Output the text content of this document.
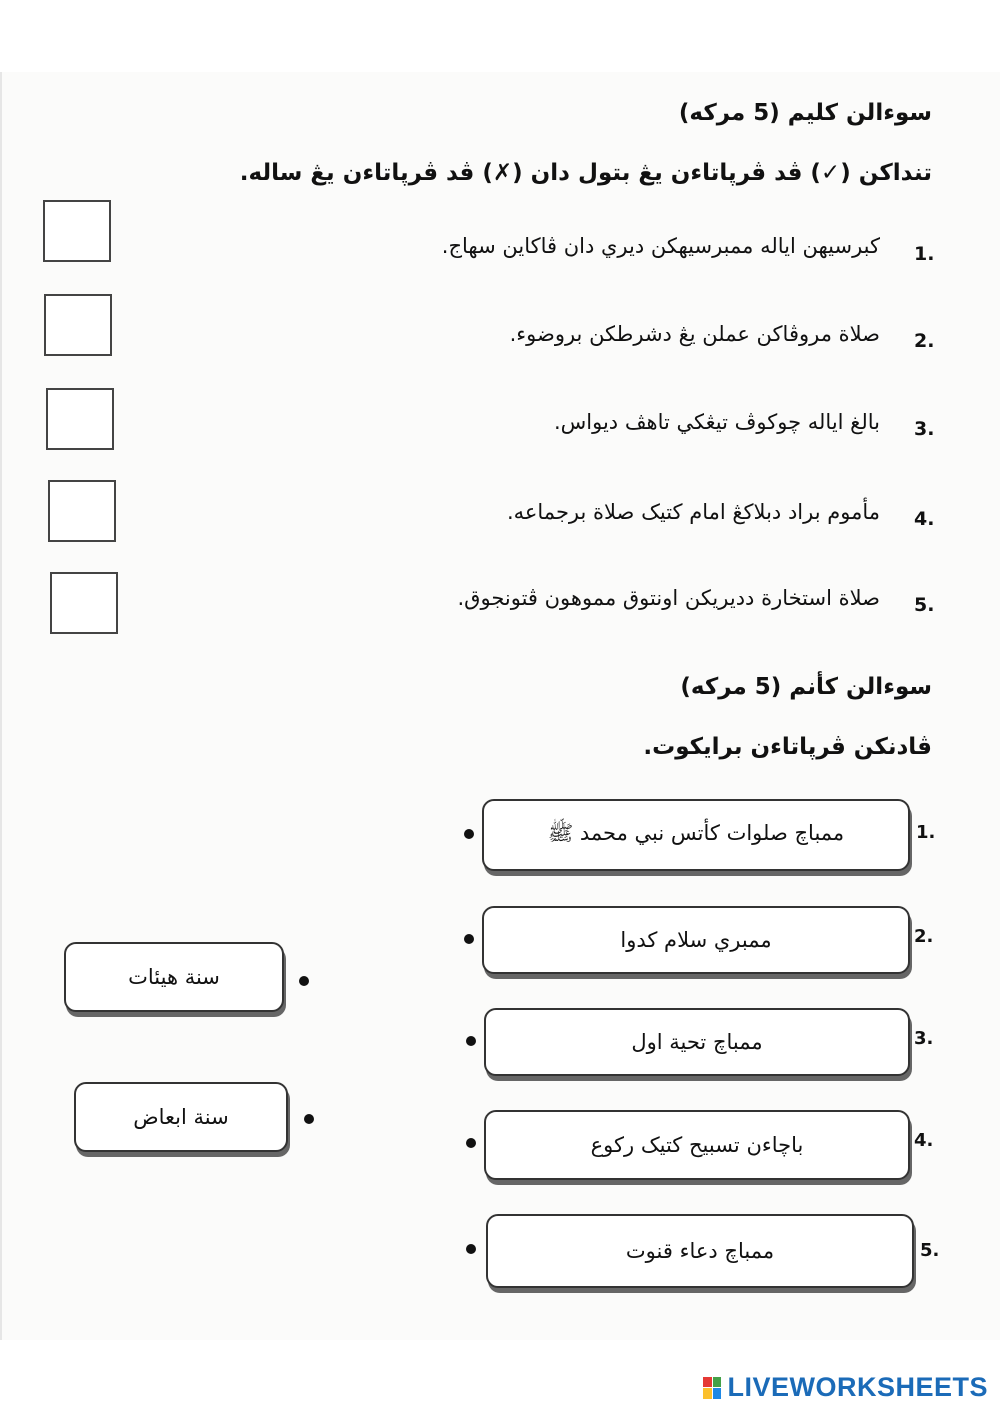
سوءالن كليم (5 مركه)
تنداكن (✓) ڤد ڤرڽاتاءن يڠ بتول دان (✗) ڤد ڤرڽاتاءن يڠ ساله.
1.
كبرسيهن اياله ممبرسيهكن ديري دان ڤاكاين سهاج.
2.
صلاة مروڤاكن عملن يڠ دشرطكن بروضوء.
3.
بالغ اياله چوكوڤ تيڠكي تاهڤ ديواس.
4.
مأموم براد دبلاكڠ امام كتيک صلاة برجماعه.
5.
صلاة استخارة دديريكن اونتوق مموهون ڤتونجوق.
سوءالن كأنم (5 مركه)
ڤادنكن ڤرڽاتاءن برايكوت.
1.
ممباچ صلوات كأتس نبي محمد ﷺ
2.
ممبري سلام كدوا
3.
ممباچ تحية اول
4.
باچاءن تسبيح كتيک ركوع
5.
ممباچ دعاء قنوت
سنة هيئات
سنة ابعاض
LIVEWORKSHEETS
